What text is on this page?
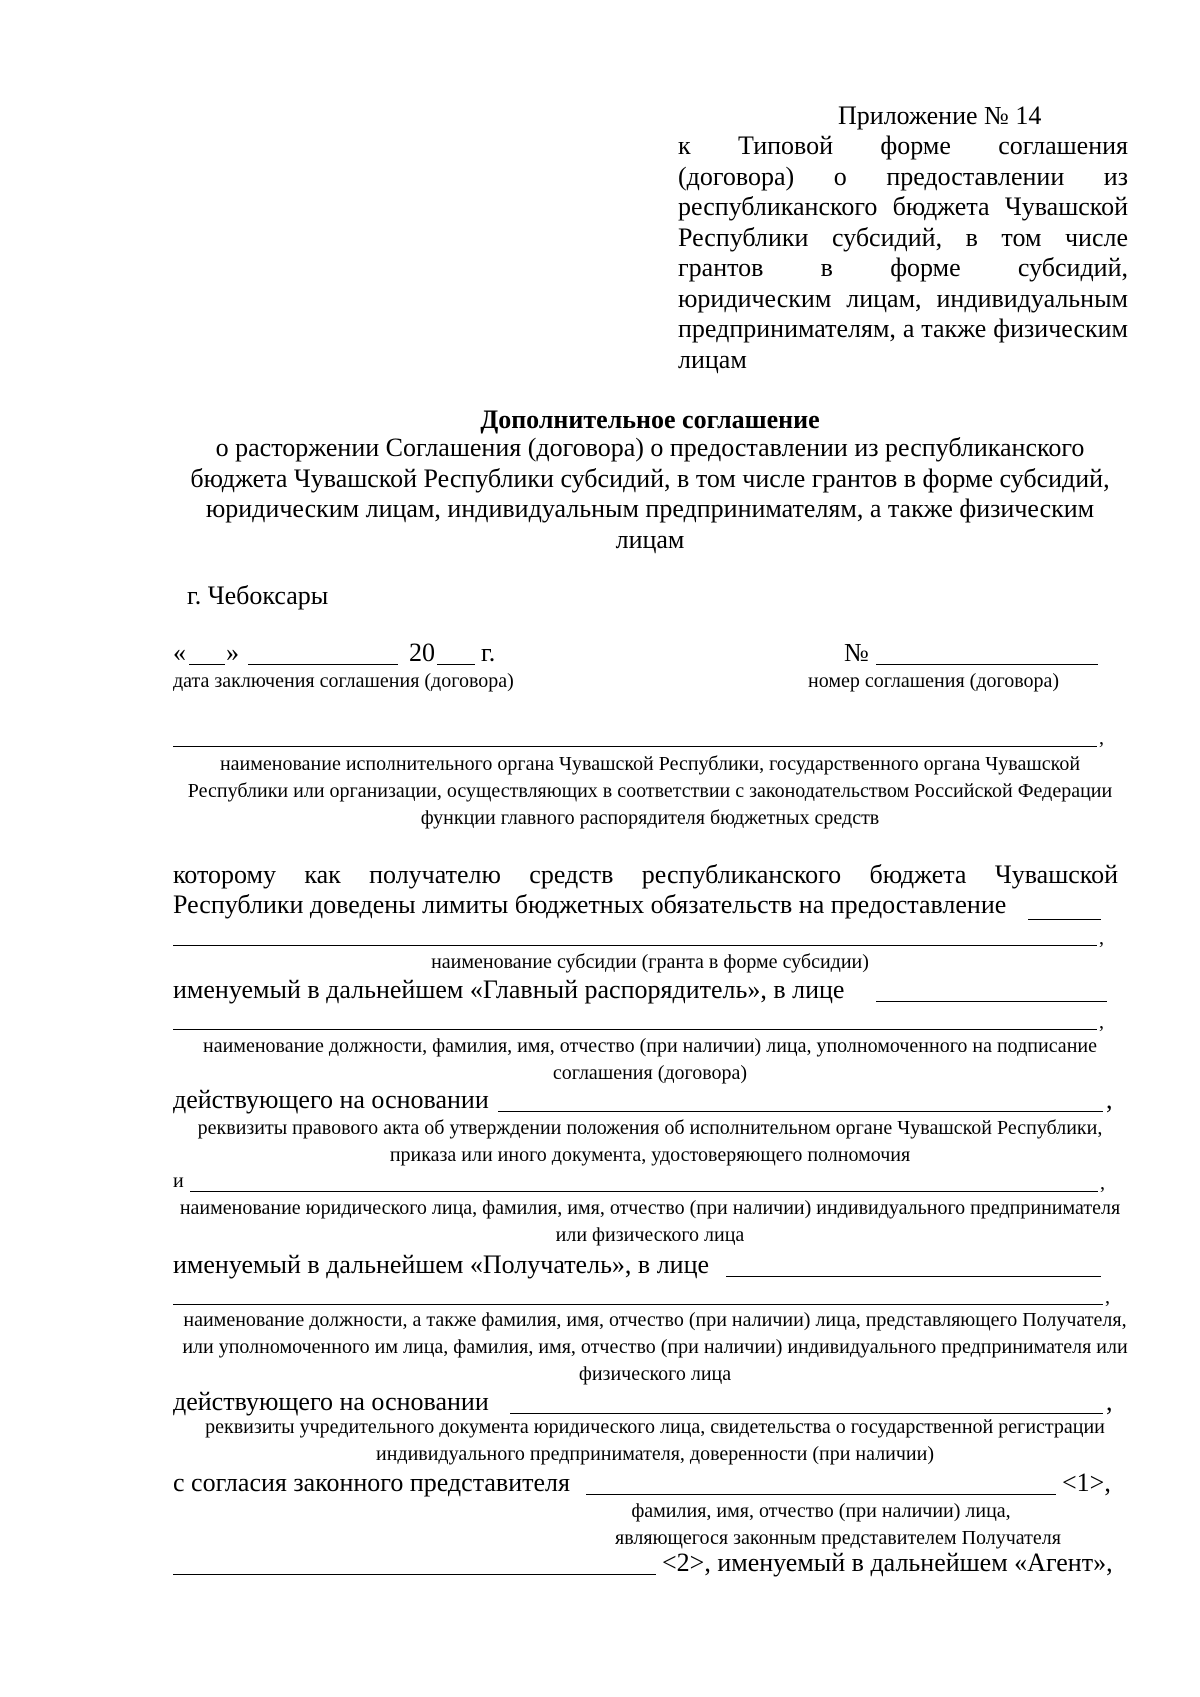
Приложение № 14
к Типовой форме соглашения (договора) о предоставлении из республиканского бюджета Чувашской Республики субсидий, в том числе грантов в форме субсидий, юридическим лицам, индивидуальным предпринимателям, а также физическим лицам
Дополнительное соглашение
о расторжении Соглашения (договора) о предоставлении из республиканского бюджета Чувашской Республики субсидий, в том числе грантов в форме субсидий, юридическим лицам, индивидуальным предпринимателям, а также физическим лицам
г. Чебоксары
« »	20 г.	№
дата заключения соглашения (договора)	номер соглашения (договора)
,
наименование исполнительного органа Чувашской Республики, государственного органа Чувашской Республики или организации, осуществляющих в соответствии с законодательством Российской Федерации функции главного распорядителя бюджетных средств
которому как получателю средств республиканского бюджета Чувашской
Республики доведены лимиты бюджетных обязательств на предоставление
,
наименование субсидии (гранта в форме субсидии)
именуемый в дальнейшем «Главный распорядитель», в лице
,
наименование должности, фамилия, имя, отчество (при наличии) лица, уполномоченного на подписание соглашения (договора)
действующего на основании	,
реквизиты правового акта об утверждении положения об исполнительном органе Чувашской Республики, приказа или иного документа, удостоверяющего полномочия
и	,
наименование юридического лица, фамилия, имя, отчество (при наличии) индивидуального предпринимателя или физического лица
именуемый в дальнейшем «Получатель», в лице
,
наименование должности, а также фамилия, имя, отчество (при наличии) лица, представляющего Получателя, или уполномоченного им лица, фамилия, имя, отчество (при наличии) индивидуального предпринимателя или физического лица
действующего на основании	,
реквизиты учредительного документа юридического лица, свидетельства о государственной регистрации индивидуального предпринимателя, доверенности (при наличии)
с согласия законного представителя	<1>,
фамилия, имя, отчество (при наличии) лица,
являющегося законным представителем Получателя
<2>, именуемый в дальнейшем «Агент»,
